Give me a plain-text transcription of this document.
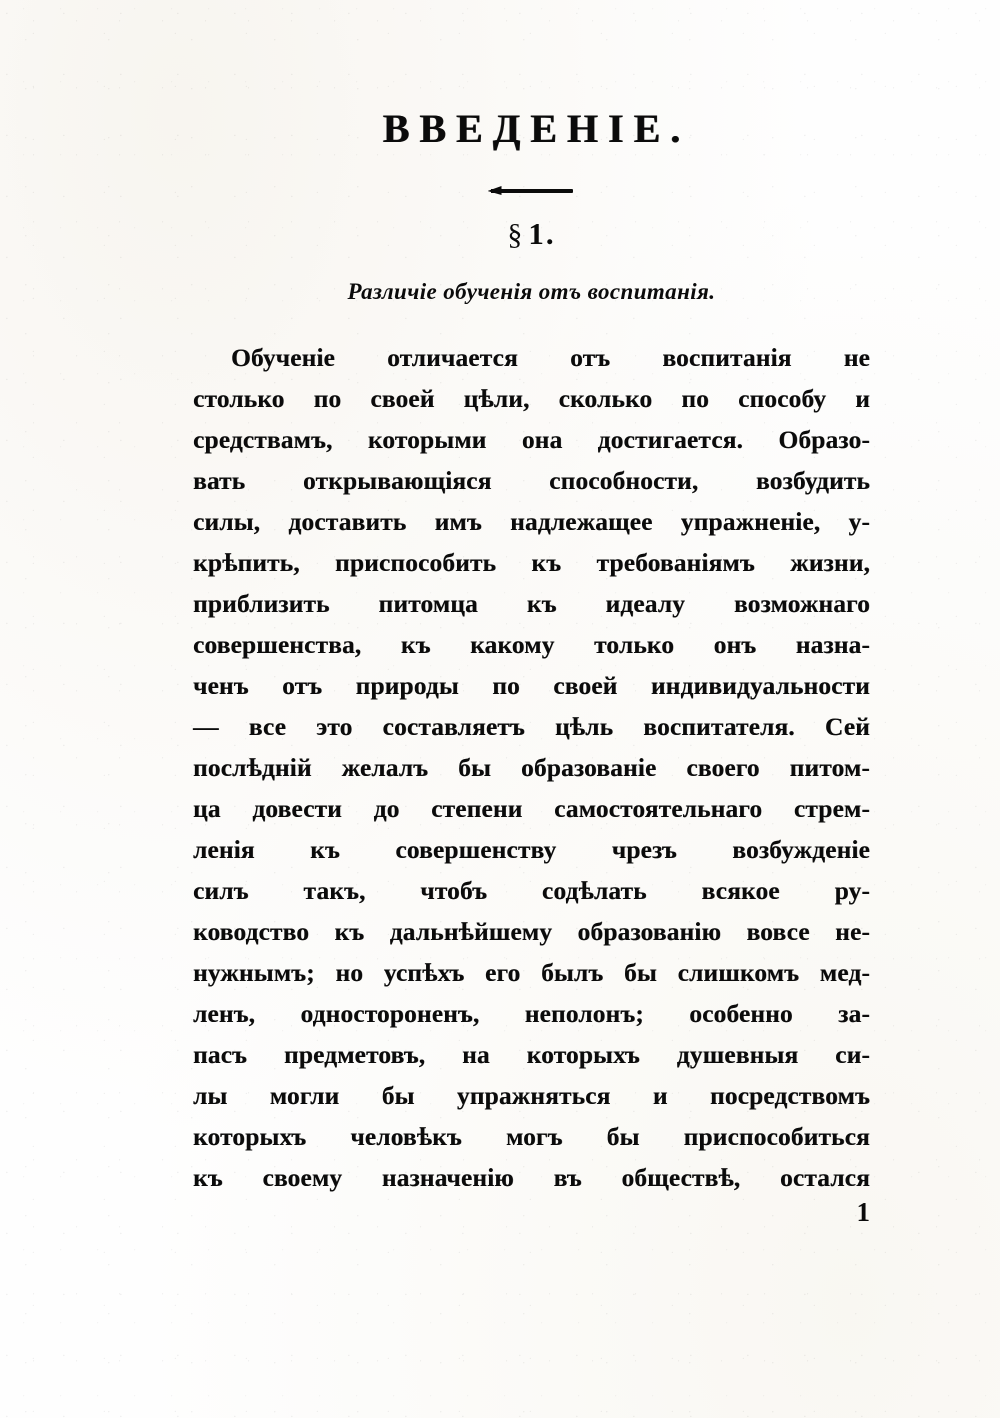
ВВЕДЕНІЕ.

§ 1.

Различіе обученія отъ воспитанія.

Обученіе отличается отъ воспитанія не
столько по своей цѣли, сколько по способу и
средствамъ, которыми она достигается. Образо-
вать открывающіяся способности, возбудить
силы, доставить имъ надлежащее упражненіе, у-
крѣпить, приспособить къ требованіямъ жизни,
приблизить питомца къ идеалу возможнаго
совершенства, къ какому только онъ назна-
ченъ отъ природы по своей индивидуальности
— все это составляетъ цѣль воспитателя. Сей
послѣдній желалъ бы образованіе своего питом-
ца довести до степени самостоятельнаго стрем-
ленія къ совершенству чрезъ возбужденіе
силъ такъ, чтобъ содѣлать всякое ру-
ководство къ дальнѣйшему образованію вовсе не-
нужнымъ; но успѣхъ его былъ бы слишкомъ мед-
ленъ, одностороненъ, неполонъ; особенно за-
пасъ предметовъ, на которыхъ душевныя си-
лы могли бы упражняться и посредствомъ
которыхъ человѣкъ могъ бы приспособиться
къ своему назначенію въ обществѣ, остался
1
